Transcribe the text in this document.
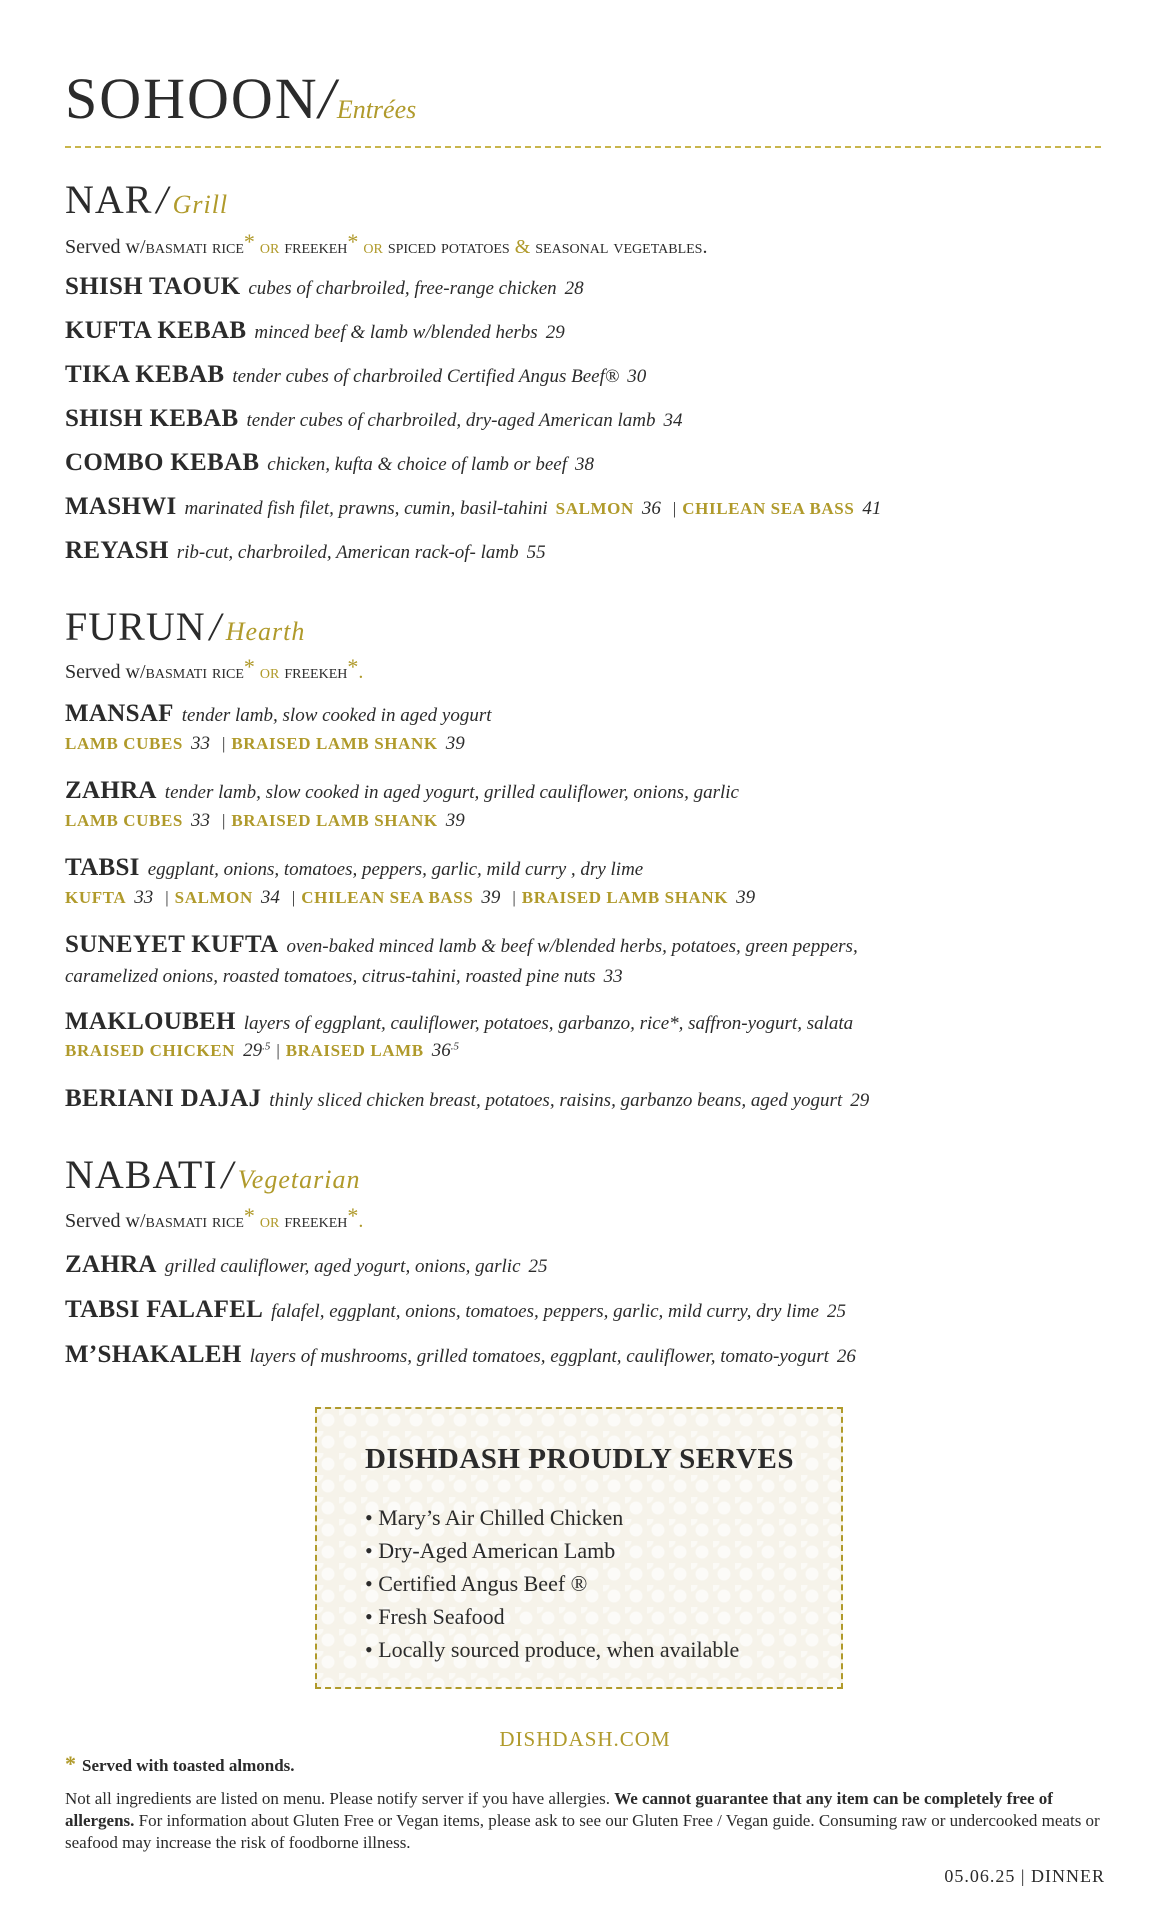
SOHOON/Entrées
NAR / Grill
Served w/basmati rice* or freekeh* or spiced potatoes & seasonal vegetables.
SHISH TAOUK cubes of charbroiled, free-range chicken 28
KUFTA KEBAB minced beef & lamb w/blended herbs 29
TIKA KEBAB tender cubes of charbroiled Certified Angus Beef® 30
SHISH KEBAB tender cubes of charbroiled, dry-aged American lamb 34
COMBO KEBAB chicken, kufta & choice of lamb or beef 38
MASHWI marinated fish filet, prawns, cumin, basil-tahini SALMON 36 | CHILEAN SEA BASS 41
REYASH rib-cut, charbroiled, American rack-of- lamb 55
FURUN / Hearth
Served w/basmati rice* or freekeh*.
MANSAF tender lamb, slow cooked in aged yogurt
LAMB CUBES 33 | BRAISED LAMB SHANK 39
ZAHRA tender lamb, slow cooked in aged yogurt, grilled cauliflower, onions, garlic
LAMB CUBES 33 | BRAISED LAMB SHANK 39
TABSI eggplant, onions, tomatoes, peppers, garlic, mild curry , dry lime
KUFTA 33 | SALMON 34 | CHILEAN SEA BASS 39 | BRAISED LAMB SHANK 39
SUNEYET KUFTA oven-baked minced lamb & beef w/blended herbs, potatoes, green peppers,
caramelized onions, roasted tomatoes, citrus-tahini, roasted pine nuts 33
MAKLOUBEH layers of eggplant, cauliflower, potatoes, garbanzo, rice*, saffron-yogurt, salata
BRAISED CHICKEN $29^{.5}$ | BRAISED LAMB $36^{.5}$
BERIANI DAJAJ thinly sliced chicken breast, potatoes, raisins, garbanzo beans, aged yogurt 29
NABATI / Vegetarian
Served w/basmati rice* or freekeh*.
ZAHRA grilled cauliflower, aged yogurt, onions, garlic 25
TABSI FALAFEL falafel, eggplant, onions, tomatoes, peppers, garlic, mild curry, dry lime 25
M’SHAKALEH layers of mushrooms, grilled tomatoes, eggplant, cauliflower, tomato-yogurt 26
DISHDASH PROUDLY SERVES
• Mary’s Air Chilled Chicken
• Dry-Aged American Lamb
• Certified Angus Beef ®
• Fresh Seafood
• Locally sourced produce, when available
DISHDASH.COM
* Served with toasted almonds.
Not all ingredients are listed on menu. Please notify server if you have allergies. We cannot guarantee that any item can be completely free of allergens. For information about Gluten Free or Vegan items, please ask to see our Gluten Free / Vegan guide. Consuming raw or undercooked meats or seafood may increase the risk of foodborne illness.
05.06.25 | DINNER
